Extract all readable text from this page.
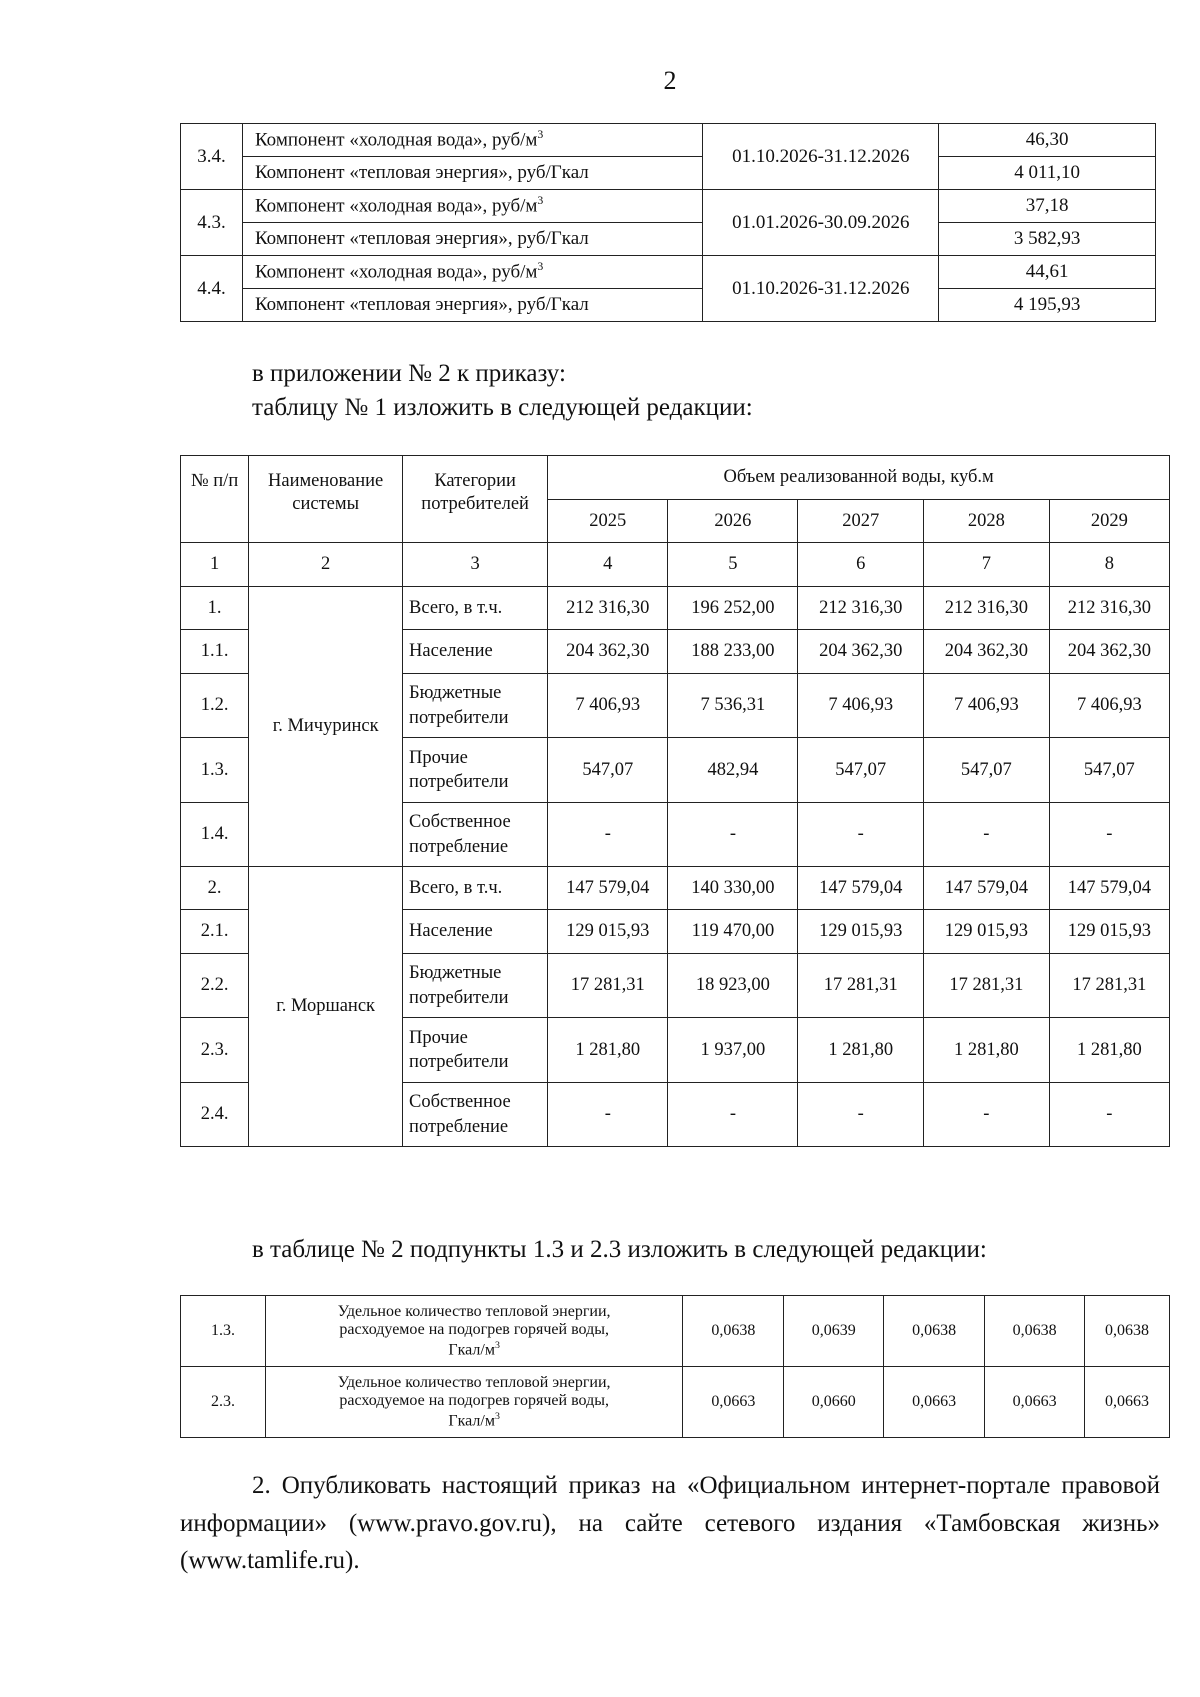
2
3.4.	Компонент «холодная вода», руб/$м^3$	01.10.2026-31.12.2026	46,30
	Компонент «тепловая энергия», руб/Гкал		4 011,10
4.3.	Компонент «холодная вода», руб/$м^3$	01.01.2026-30.09.2026	37,18
	Компонент «тепловая энергия», руб/Гкал		3 582,93
4.4.	Компонент «холодная вода», руб/$м^3$	01.10.2026-31.12.2026	44,61
	Компонент «тепловая энергия», руб/Гкал		4 195,93
в приложении № 2 к приказу:
таблицу № 1 изложить в следующей редакции:
№ п/п	Наименование системы	Категории потребителей	Объем реализованной воды, куб.м				
			2025	2026	2027	2028	2029
1	2	3	4	5	6	7	8
1.	г. Мичуринск	Всего, в т.ч.	212 316,30	196 252,00	212 316,30	212 316,30	212 316,30
1.1.		Население	204 362,30	188 233,00	204 362,30	204 362,30	204 362,30
1.2.		Бюджетные потребители	7 406,93	7 536,31	7 406,93	7 406,93	7 406,93
1.3.		Прочие потребители	547,07	482,94	547,07	547,07	547,07
1.4.		Собственное потребление	-	-	-	-	-
2.	г. Моршанск	Всего, в т.ч.	147 579,04	140 330,00	147 579,04	147 579,04	147 579,04
2.1.		Население	129 015,93	119 470,00	129 015,93	129 015,93	129 015,93
2.2.		Бюджетные потребители	17 281,31	18 923,00	17 281,31	17 281,31	17 281,31
2.3.		Прочие потребители	1 281,80	1 937,00	1 281,80	1 281,80	1 281,80
2.4.		Собственное потребление	-	-	-	-	-
в таблице № 2 подпункты 1.3 и 2.3 изложить в следующей редакции:
1.3.	Удельное количество тепловой энергии,
расходуемое на подогрев горячей воды,
Гкал/$м^3$	0,0638	0,0639	0,0638	0,0638	0,0638
2.3.	Удельное количество тепловой энергии,
расходуемое на подогрев горячей воды,
Гкал/$м^3$	0,0663	0,0660	0,0663	0,0663	0,0663

2. Опубликовать настоящий приказ на «Официальном интернет-портале правовой информации» (www.pravo.gov.ru), на сайте сетевого издания «Тамбовская жизнь» (www.tamlife.ru).
